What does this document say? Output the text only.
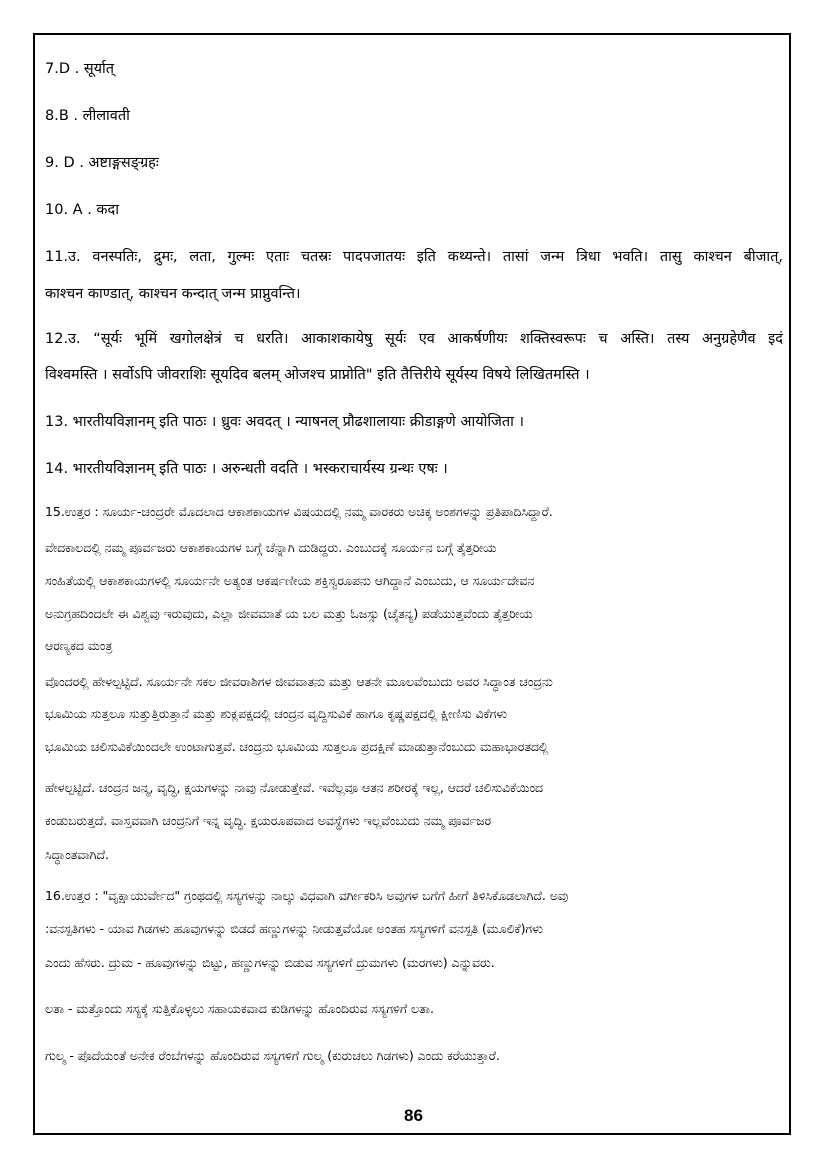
7.D . सूर्यात्
8.B . लीलावती
9. D . अष्टाङ्गसङ्ग्रहः
10. A . कदा
11.उ. वनस्पतिः, द्रुमः, लता, गुल्मः एताः चतस्रः पादपजातयः इति कथ्यन्ते। तासां जन्म त्रिधा भवति। तासु काश्चन बीजात्,
काश्चन काण्डात्, काश्चन कन्दात् जन्म प्राप्नुवन्ति।
12.उ. “सूर्यः भूमिं खगोलक्षेत्रं च धरति। आकाशकायेषु सूर्यः एव आकर्षणीयः शक्तिस्वरूपः च अस्ति। तस्य अनुग्रहेणैव इदं
विश्वमस्ति । सर्वोऽपि जीवराशिः सूयदिव बलम् ओजश्च प्राप्नोति" इति तैत्तिरीये सूर्यस्य विषये लिखितमस्ति ।
13. भारतीयविज्ञानम् इति पाठः । ध्रुवः अवदत् । न्याषनल् प्रौढशालायाः क्रीडाङ्गणे आयोजिता ।
14. भारतीयविज्ञानम् इति पाठः । अरुन्धती वदति । भस्कराचार्यस्य ग्रन्थः एषः ।
15.ಉತ್ತರ : ಸೂರ್ಯ-ಚಂದ್ರರೇ ಮೊದಲಾದ ಆಕಾಶಕಾಯಗಳ ವಿಷಯದಲ್ಲಿ ನಮ್ಮ ವಾರಕರು ಅಚಿಕ್ಕ ಅಂಶಗಳನ್ನು ಪ್ರತಿಪಾದಿಸಿದ್ದಾರೆ.
ವೇದಕಾಲದಲ್ಲಿ ನಮ್ಮ ಪೂರ್ವಜರು ಆಕಾಶಕಾಯಗಳ ಬಗ್ಗೆ ಚೆನ್ನಾಗಿ ದುಡಿದ್ದರು. ಎಂಬುದಕ್ಕೆ ಸೂರ್ಯನ ಬಗ್ಗೆ ತೈತ್ತರೀಯ
ಸಂಹಿತೆಯಲ್ಲಿ ಆಕಾಶಕಾಯಗಳಲ್ಲಿ ಸೂರ್ಯನೇ ಅತ್ಯಂತ ಆಕರ್ಷಣೀಯ ಶಕ್ತಿಸ್ವರೂಪನು ಆಗಿದ್ದಾನೆ ಎಂಬುದು, ಆ ಸೂರ್ಯದೇವನ
ಅನುಗ್ರಹದಿಂದಲೇ ಈ ವಿಶ್ವವು ಇರುವುದು, ಎಲ್ಲಾ ಜೀವಮಾತೆ ಯ ಬಲ ಮತ್ತು ಓಜಸ್ಸು (ಚೈತನ್ಯ) ಪಡೆಯುತ್ತವೆಂದು ತೈತ್ತರೀಯ
ಆರಣ್ಯಕದ ಮಂತ್ರ
ವೊಂದರಲ್ಲಿ ಹೇಳಲ್ಪಟ್ಟಿದೆ. ಸೂರ್ಯನೇ ಸಕಲ ಜೀವರಾಶಿಗಳ ಜೀವವಾತನು ಮತ್ತು ಆತನೇ ಮೂಲವೆಂಬುದು ಅವರ ಸಿದ್ಧಾಂತ ಚಂದ್ರನು
ಭೂಮಿಯ ಸುತ್ತಲೂ ಸುತ್ತುತ್ತಿರುತ್ತಾನೆ ಮತ್ತು ಶುಕ್ಲಪಕ್ಷದಲ್ಲಿ ಚಂದ್ರನ ವೃದ್ದಿಸುವಿಕೆ ಹಾಗೂ ಕೃಷ್ಣಪಕ್ಷದಲ್ಲಿ ಕ್ಷೀಣಿಸು ವಿಕೆಗಳು
ಭೂಮಿಯ ಚಲಿಸುವಿಕೆಯಿಂದಲೇ ಉಂಟಾಗುತ್ತವೆ. ಚಂದ್ರನು ಭೂಮಿಯ ಸುತ್ತಲೂ ಪ್ರದಕ್ಷಿಣೆ ಮಾಡುತ್ತಾನೆಂಬುದು ಮಹಾಭಾರತದಲ್ಲಿ
ಹೇಳಲ್ಪಟ್ಟಿದೆ. ಚಂದ್ರನ ಜನ್ಮ, ವೃದ್ಧಿ, ಕ್ಷಯಗಳನ್ನು ನಾವು ನೋಡುತ್ತೇವೆ. ಇವೆಲ್ಲವೂ ಆತನ ಶರೀರಕ್ಕೆ ಇಲ್ಲ, ಆದರೆ ಚಲಿಸುವಿಕೆಯಿಂದ
ಕಂಡುಬರುತ್ತದೆ. ವಾಸ್ತವವಾಗಿ ಚಂದ್ರನಿಗೆ ಇನ್ನ ವೃದ್ಧಿ. ಕ್ಷಯರೂಪವಾದ ಅವಸ್ಥೆಗಳು ಇಲ್ಲವೆಂಬುದು ನಮ್ಮ ಪೂರ್ವಜರ
ಸಿದ್ಧಾಂತವಾಗಿದೆ.
16.ಉತ್ತರ : "ವೃಕ್ಷಾಯುರ್ವೇದ" ಗ್ರಂಥದಲ್ಲಿ ಸಸ್ಯಗಳನ್ನು ನಾಲ್ಕು ವಿಧವಾಗಿ ವರ್ಗೀಕರಿಸಿ ಅವುಗಳ ಬಗೆಗೆ ಹೀಗೆ ತಿಳಿಸಿಕೊಡಲಾಗಿದೆ. ಅವು
:ವನಸ್ಪತಿಗಳು - ಯಾವ ಗಿಡಗಳು ಹೂವುಗಳನ್ನು ಬಿಡದೆ ಹಣ್ಣುಗಳನ್ನು ನೀಡುತ್ತವೆಯೋ ಅಂತಹ ಸಸ್ಯಗಳಿಗೆ ವನಸ್ಪತಿ (ಮೂಲಿಕೆ)ಗಳು
ಎಂದು ಹೆಸರು. ದ್ರುಮ - ಹೂವುಗಳನ್ನು ಬಿಟ್ಟು, ಹಣ್ಣುಗಳನ್ನು ಬಿಡುವ ಸಸ್ಯಗಳಿಗೆ ದ್ರುಮಗಳು (ಮರಗಳು) ಎನ್ನುವರು.
ಲತಾ - ಮತ್ತೊಂದು ಸಸ್ಯಕ್ಕೆ ಸುತ್ತಿಕೊಳ್ಳಲು ಸಹಾಯಕವಾದ ಕುಡಿಗಳನ್ನು ಹೊಂದಿರುವ ಸಸ್ಯಗಳಿಗೆ ಲತಾ.
ಗುಲ್ಮ - ಪೊದೆಯಂತೆ ಅನೇಕ ರೆಂಬೆಗಳನ್ನು ಹೊಂದಿರುವ ಸಸ್ಯಗಳಿಗೆ ಗುಲ್ಮ (ಕುರುಚಲು ಗಿಡಗಳು) ಎಂದು ಕರೆಯುತ್ತಾರೆ.
86
